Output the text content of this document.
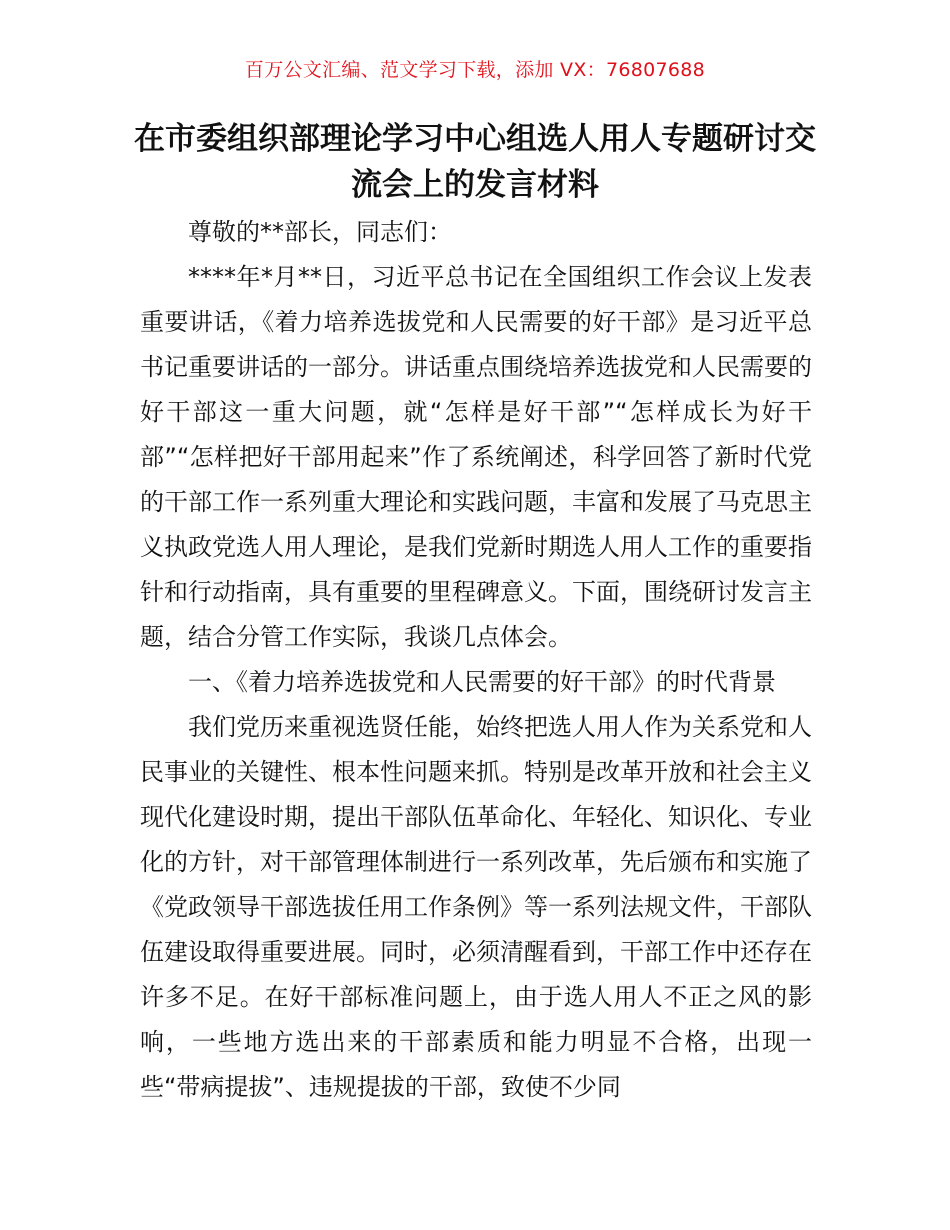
百万公文汇编、范文学习下载，添加 VX：76807688
在市委组织部理论学习中心组选人用人专题研讨交流会上的发言材料

尊敬的**部长，同志们：

****年*月**日，习近平总书记在全国组织工作会议上发表重要讲话，《着力培养选拔党和人民需要的好干部》是习近平总书记重要讲话的一部分。讲话重点围绕培养选拔党和人民需要的好干部这一重大问题，就“怎样是好干部”“怎样成长为好干部”“怎样把好干部用起来”作了系统阐述，科学回答了新时代党的干部工作一系列重大理论和实践问题，丰富和发展了马克思主义执政党选人用人理论，是我们党新时期选人用人工作的重要指针和行动指南，具有重要的里程碑意义。下面，围绕研讨发言主题，结合分管工作实际，我谈几点体会。

一、《着力培养选拔党和人民需要的好干部》的时代背景

我们党历来重视选贤任能，始终把选人用人作为关系党和人民事业的关键性、根本性问题来抓。特别是改革开放和社会主义现代化建设时期，提出干部队伍革命化、年轻化、知识化、专业化的方针，对干部管理体制进行一系列改革，先后颁布和实施了《党政领导干部选拔任用工作条例》等一系列法规文件，干部队伍建设取得重要进展。同时，必须清醒看到，干部工作中还存在许多不足。在好干部标准问题上，由于选人用人不正之风的影响，一些地方选出来的干部素质和能力明显不合格，出现一些“带病提拔”、违规提拔的干部，致使不少同
